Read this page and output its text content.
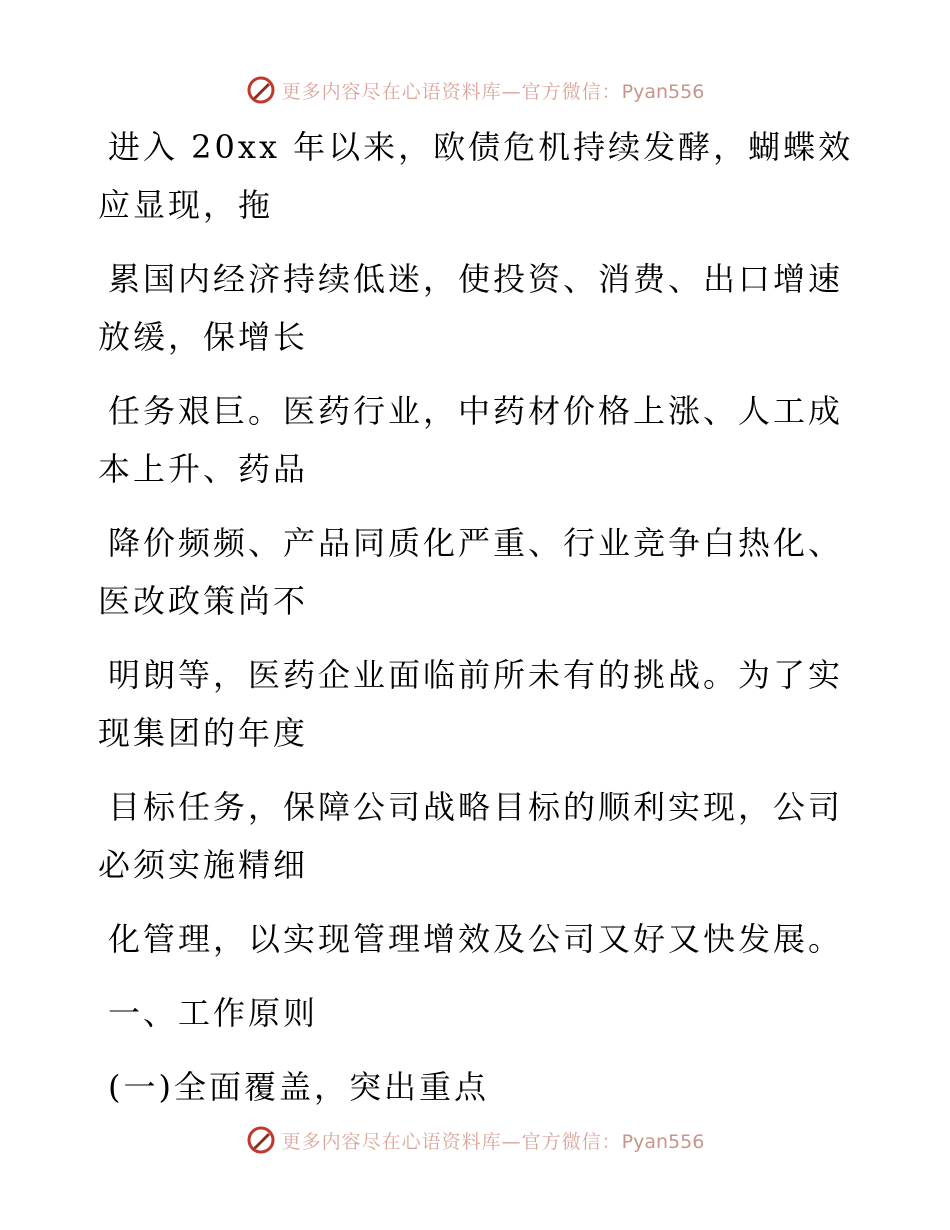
更多内容尽在心语资料库—官方微信：Pyan556
进入 20xx 年以来，欧债危机持续发酵，蝴蝶效
应显现，拖
累国内经济持续低迷，使投资、消费、出口增速
放缓，保增长
任务艰巨。医药行业，中药材价格上涨、人工成
本上升、药品
降价频频、产品同质化严重、行业竞争白热化、
医改政策尚不
明朗等，医药企业面临前所未有的挑战。为了实
现集团的年度
目标任务，保障公司战略目标的顺利实现，公司
必须实施精细
化管理，以实现管理增效及公司又好又快发展。
一、工作原则
(一)全面覆盖，突出重点
更多内容尽在心语资料库—官方微信：Pyan556
